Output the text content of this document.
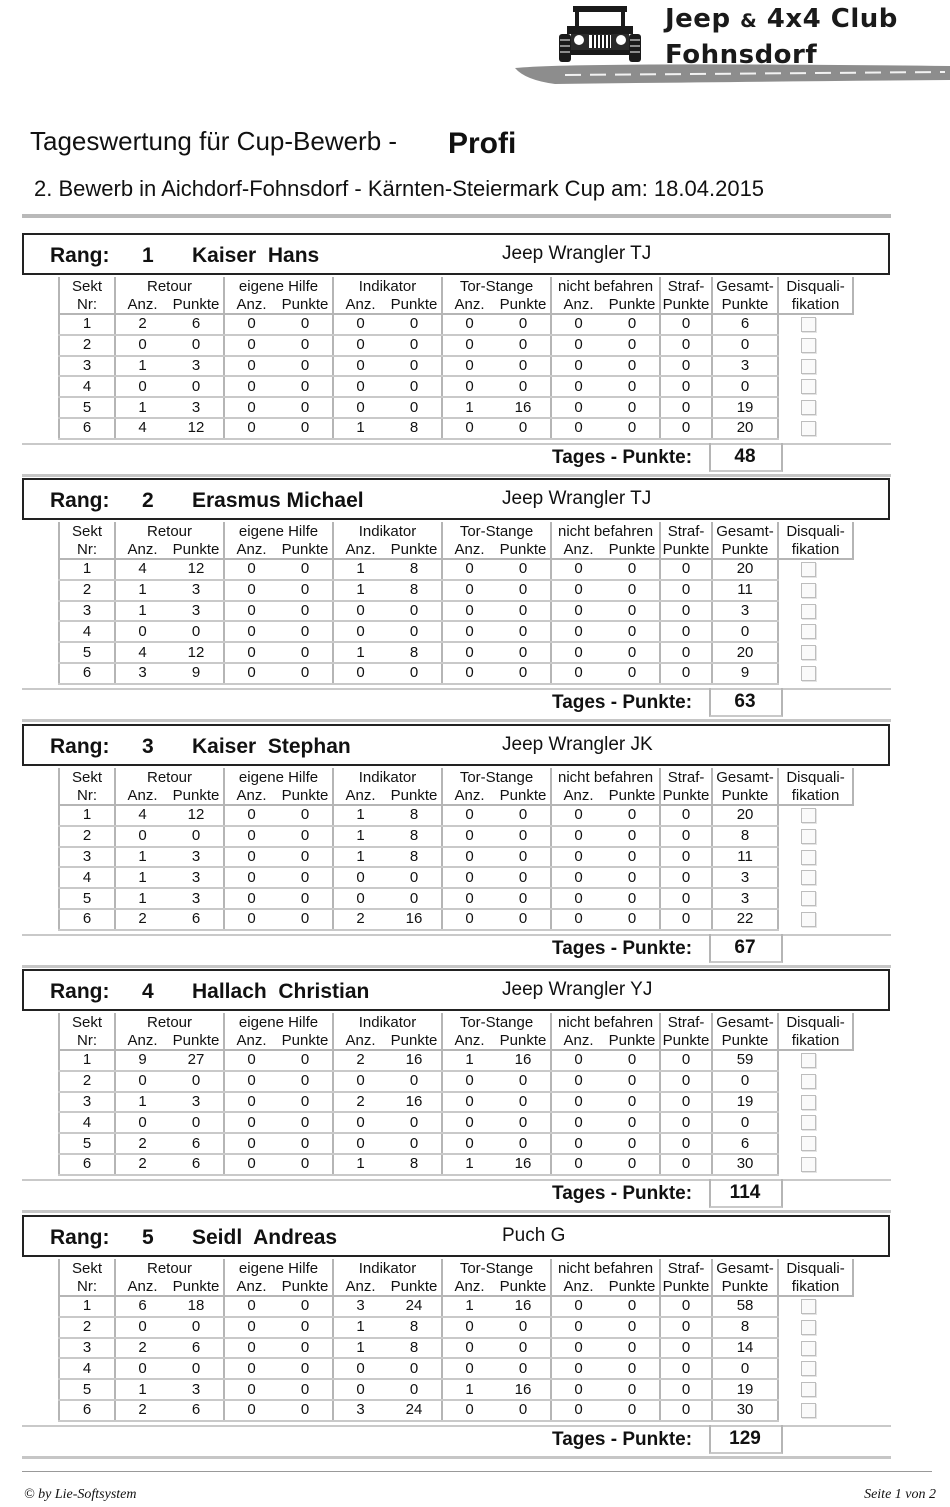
Jeep & 4x4 Club
Fohnsdorf
Tageswertung für Cup-Bewerb - Profi
2. Bewerb in Aichdorf-Fohnsdorf - Kärnten-Steiermark Cup am: 18.04.2015
Rang: 1 Kaiser  Hans	Jeep Wrangler TJ
Sekt	Retour		eigene Hilfe		Indikator		Tor-Stange		nicht befahren		Straf-	Gesamt-	Disquali-
Nr:	Anz.	Punkte	Anz.	Punkte	Anz.	Punkte	Anz.	Punkte	Anz.	Punkte	Punkte	Punkte	fikation
1	2	6	0	0	0	0	0	0	0	0	0	6	
2	0	0	0	0	0	0	0	0	0	0	0	0	
3	1	3	0	0	0	0	0	0	0	0	0	3	
4	0	0	0	0	0	0	0	0	0	0	0	0	
5	1	3	0	0	0	0	1	16	0	0	0	19	
6	4	12	0	0	1	8	0	0	0	0	0	20	
Tages - Punkte:	48
Rang: 2 Erasmus Michael	Jeep Wrangler TJ
Sekt	Retour		eigene Hilfe		Indikator		Tor-Stange		nicht befahren		Straf-	Gesamt-	Disquali-
Nr:	Anz.	Punkte	Anz.	Punkte	Anz.	Punkte	Anz.	Punkte	Anz.	Punkte	Punkte	Punkte	fikation
1	4	12	0	0	1	8	0	0	0	0	0	20	
2	1	3	0	0	1	8	0	0	0	0	0	11	
3	1	3	0	0	0	0	0	0	0	0	0	3	
4	0	0	0	0	0	0	0	0	0	0	0	0	
5	4	12	0	0	1	8	0	0	0	0	0	20	
6	3	9	0	0	0	0	0	0	0	0	0	9	
Tages - Punkte:	63
Rang: 3 Kaiser  Stephan	Jeep Wrangler JK
Sekt	Retour		eigene Hilfe		Indikator		Tor-Stange		nicht befahren		Straf-	Gesamt-	Disquali-
Nr:	Anz.	Punkte	Anz.	Punkte	Anz.	Punkte	Anz.	Punkte	Anz.	Punkte	Punkte	Punkte	fikation
1	4	12	0	0	1	8	0	0	0	0	0	20	
2	0	0	0	0	1	8	0	0	0	0	0	8	
3	1	3	0	0	1	8	0	0	0	0	0	11	
4	1	3	0	0	0	0	0	0	0	0	0	3	
5	1	3	0	0	0	0	0	0	0	0	0	3	
6	2	6	0	0	2	16	0	0	0	0	0	22	
Tages - Punkte:	67
Rang: 4 Hallach  Christian	Jeep Wrangler YJ
Sekt	Retour		eigene Hilfe		Indikator		Tor-Stange		nicht befahren		Straf-	Gesamt-	Disquali-
Nr:	Anz.	Punkte	Anz.	Punkte	Anz.	Punkte	Anz.	Punkte	Anz.	Punkte	Punkte	Punkte	fikation
1	9	27	0	0	2	16	1	16	0	0	0	59	
2	0	0	0	0	0	0	0	0	0	0	0	0	
3	1	3	0	0	2	16	0	0	0	0	0	19	
4	0	0	0	0	0	0	0	0	0	0	0	0	
5	2	6	0	0	0	0	0	0	0	0	0	6	
6	2	6	0	0	1	8	1	16	0	0	0	30	
Tages - Punkte:	114
Rang: 5 Seidl  Andreas	Puch G
Sekt	Retour		eigene Hilfe		Indikator		Tor-Stange		nicht befahren		Straf-	Gesamt-	Disquali-
Nr:	Anz.	Punkte	Anz.	Punkte	Anz.	Punkte	Anz.	Punkte	Anz.	Punkte	Punkte	Punkte	fikation
1	6	18	0	0	3	24	1	16	0	0	0	58	
2	0	0	0	0	1	8	0	0	0	0	0	8	
3	2	6	0	0	1	8	0	0	0	0	0	14	
4	0	0	0	0	0	0	0	0	0	0	0	0	
5	1	3	0	0	0	0	1	16	0	0	0	19	
6	2	6	0	0	3	24	0	0	0	0	0	30	
Tages - Punkte:	129
© by Lie-Softsystem	Seite 1 von 2
